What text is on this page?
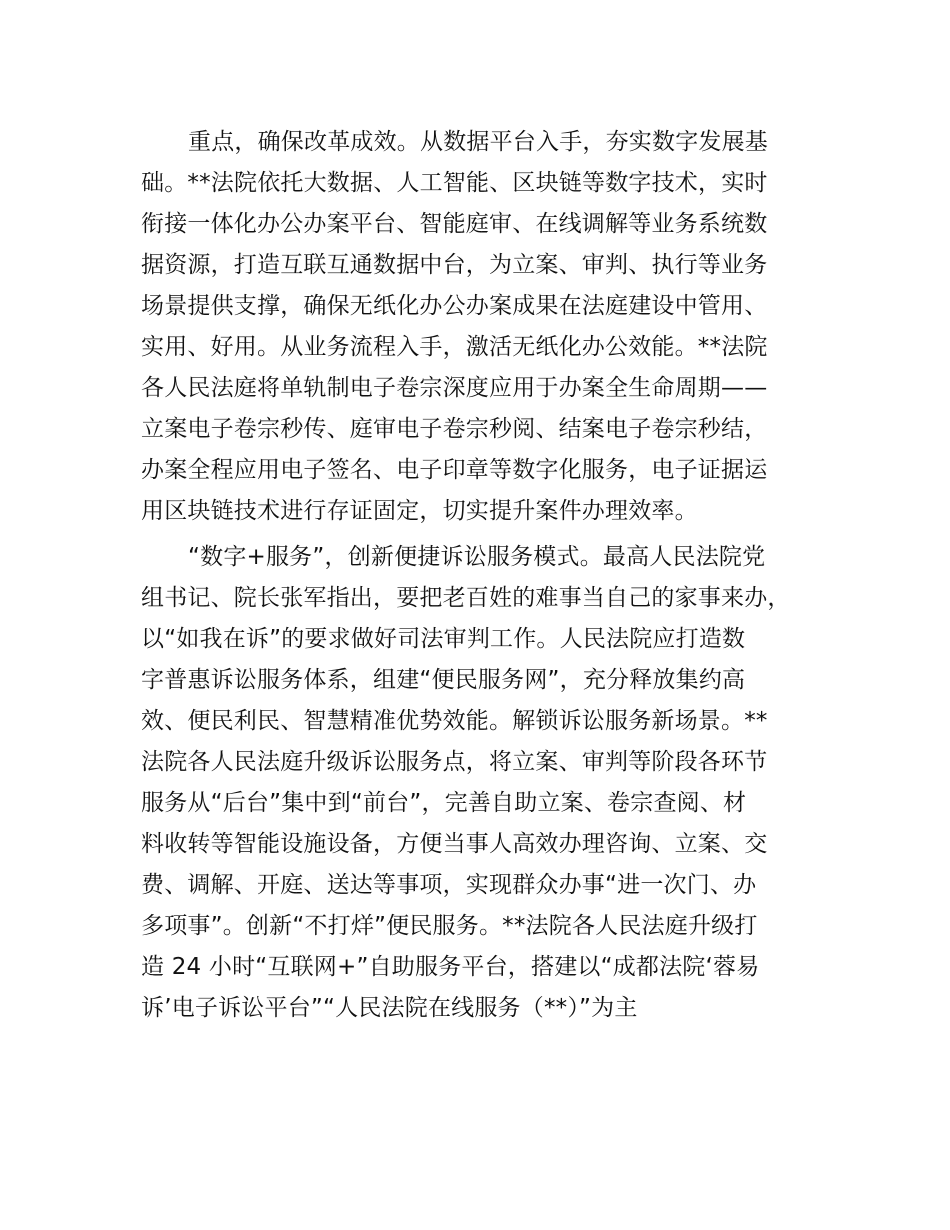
重点，确保改革成效。从数据平台入手，夯实数字发展基
础。**法院依托大数据、人工智能、区块链等数字技术，实时
衔接一体化办公办案平台、智能庭审、在线调解等业务系统数
据资源，打造互联互通数据中台，为立案、审判、执行等业务
场景提供支撑，确保无纸化办公办案成果在法庭建设中管用、
实用、好用。从业务流程入手，激活无纸化办公效能。**法院
各人民法庭将单轨制电子卷宗深度应用于办案全生命周期——
立案电子卷宗秒传、庭审电子卷宗秒阅、结案电子卷宗秒结，
办案全程应用电子签名、电子印章等数字化服务，电子证据运
用区块链技术进行存证固定，切实提升案件办理效率。
“数字+服务”，创新便捷诉讼服务模式。最高人民法院党
组书记、院长张军指出，要把老百姓的难事当自己的家事来办，
以“如我在诉”的要求做好司法审判工作。人民法院应打造数
字普惠诉讼服务体系，组建“便民服务网”，充分释放集约高
效、便民利民、智慧精准优势效能。解锁诉讼服务新场景。**
法院各人民法庭升级诉讼服务点，将立案、审判等阶段各环节
服务从“后台”集中到“前台”，完善自助立案、卷宗查阅、材
料收转等智能设施设备，方便当事人高效办理咨询、立案、交
费、调解、开庭、送达等事项，实现群众办事“进一次门、办
多项事”。创新“不打烊”便民服务。**法院各人民法庭升级打
造 24 小时“互联网+”自助服务平台，搭建以“成都法院‘蓉易
诉’电子诉讼平台”“人民法院在线服务（**）”为主
